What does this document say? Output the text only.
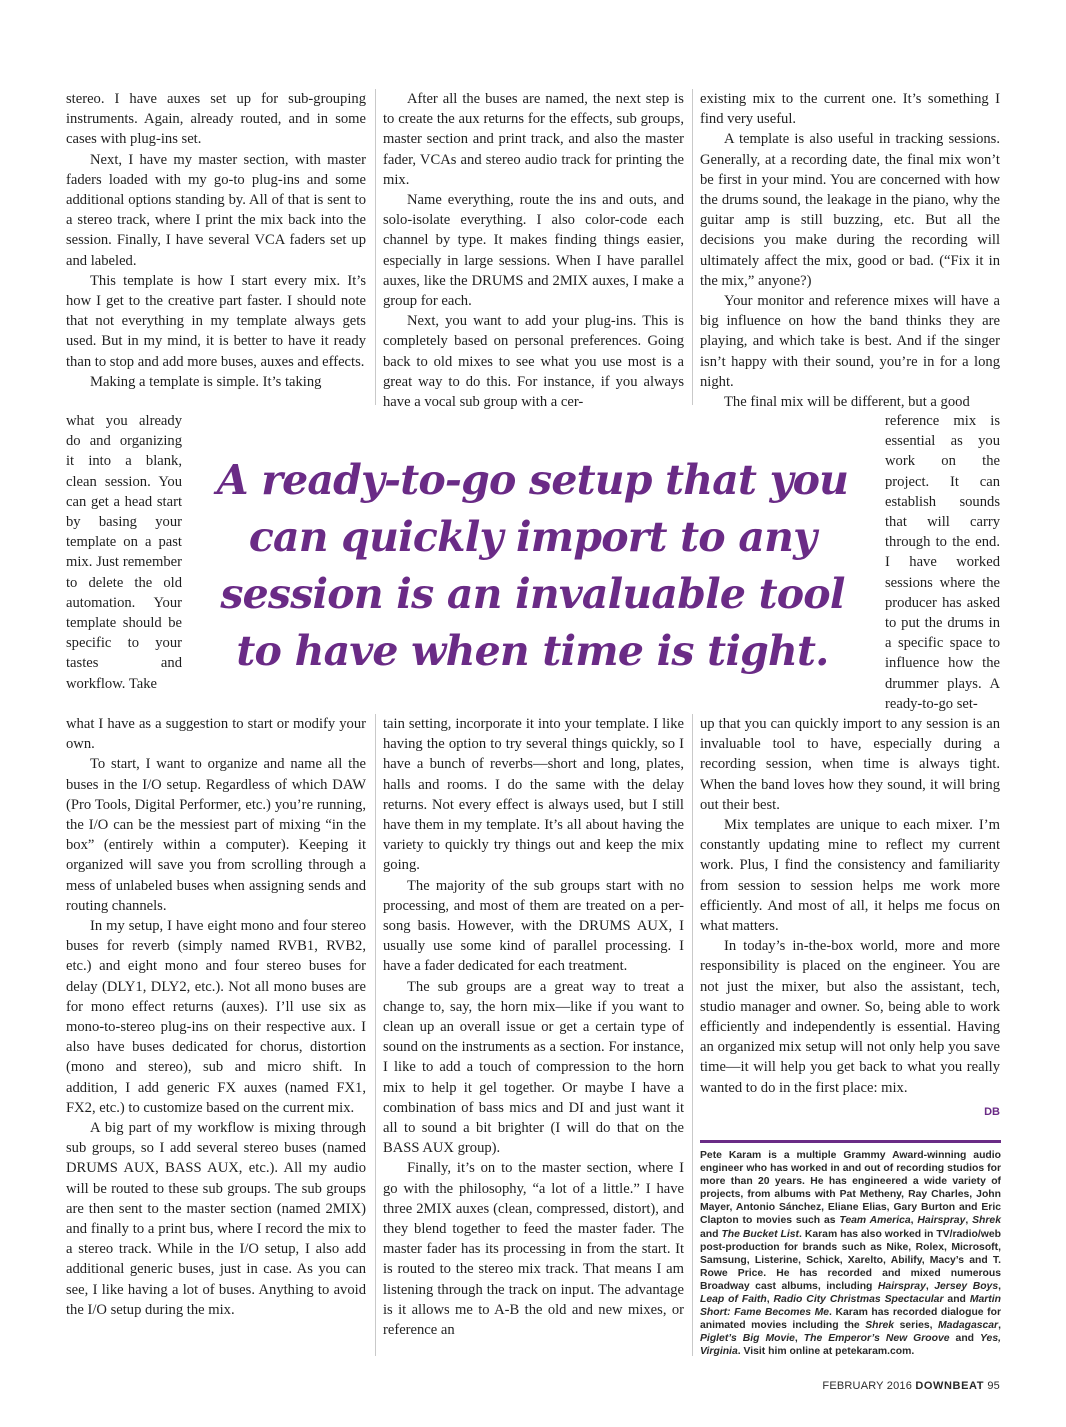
stereo. I have auxes set up for sub-grouping instruments. Again, already routed, and in some cases with plug-ins set.

Next, I have my master section, with master faders loaded with my go-to plug-ins and some additional options standing by. All of that is sent to a stereo track, where I print the mix back into the session. Finally, I have several VCA faders set up and labeled.

This template is how I start every mix. It’s how I get to the creative part faster. I should note that not everything in my template always gets used. But in my mind, it is better to have it ready than to stop and add more buses, auxes and effects.

Making a template is simple. It’s taking

After all the buses are named, the next step is to create the aux returns for the effects, sub groups, master section and print track, and also the master fader, VCAs and stereo audio track for printing the mix.

Name everything, route the ins and outs, and solo-isolate everything. I also color-code each channel by type. It makes finding things easier, especially in large sessions. When I have parallel auxes, like the DRUMS and 2MIX auxes, I make a group for each.

Next, you want to add your plug-ins. This is completely based on personal preferences. Going back to old mixes to see what you use most is a great way to do this. For instance, if you always have a vocal sub group with a cer-

existing mix to the current one. It’s something I find very useful.

A template is also useful in tracking sessions. Generally, at a recording date, the final mix won’t be first in your mind. You are concerned with how the drums sound, the leakage in the piano, why the guitar amp is still buzzing, etc. But all the decisions you make during the recording will ultimately affect the mix, good or bad. (“Fix it in the mix,” anyone?)

Your monitor and reference mixes will have a big influence on how the band thinks they are playing, and which take is best. And if the singer isn’t happy with their sound, you’re in for a long night.

The final mix will be different, but a good

what you already do and organizing it into a blank, clean session. You can get a head start by basing your template on a past mix. Just remember to delete the old automation. Your template should be specific to your tastes and workflow. Take

reference mix is essential as you work on the project. It can establish sounds that will carry through to the end. I have worked sessions where the producer has asked to put the drums in a specific space to influence how the drummer plays. A ready-to-go set-

A ready-to-go setup that you
can quickly import to any
session is an invaluable tool
to have when time is tight.

what I have as a suggestion to start or modify your own.

To start, I want to organize and name all the buses in the I/O setup. Regardless of which DAW (Pro Tools, Digital Performer, etc.) you’re running, the I/O can be the messiest part of mixing “in the box” (entirely within a computer). Keeping it organized will save you from scrolling through a mess of unlabeled buses when assigning sends and routing channels.

In my setup, I have eight mono and four stereo buses for reverb (simply named RVB1, RVB2, etc.) and eight mono and four stereo buses for delay (DLY1, DLY2, etc.). Not all mono buses are for mono effect returns (auxes). I’ll use six as mono-to-stereo plug-ins on their respective aux. I also have buses dedicated for chorus, distortion (mono and stereo), sub and micro shift. In addition, I add generic FX auxes (named FX1, FX2, etc.) to customize based on the current mix.

A big part of my workflow is mixing through sub groups, so I add several stereo buses (named DRUMS AUX, BASS AUX, etc.). All my audio will be routed to these sub groups. The sub groups are then sent to the master section (named 2MIX) and finally to a print bus, where I record the mix to a stereo track. While in the I/O setup, I also add additional generic buses, just in case. As you can see, I like having a lot of buses. Anything to avoid the I/O setup during the mix.

tain setting, incorporate it into your template. I like having the option to try several things quickly, so I have a bunch of reverbs—short and long, plates, halls and rooms. I do the same with the delay returns. Not every effect is always used, but I still have them in my template. It’s all about having the variety to quickly try things out and keep the mix going.

The majority of the sub groups start with no processing, and most of them are treated on a per-song basis. However, with the DRUMS AUX, I usually use some kind of parallel processing. I have a fader dedicated for each treatment.

The sub groups are a great way to treat a change to, say, the horn mix—like if you want to clean up an overall issue or get a certain type of sound on the instruments as a section. For instance, I like to add a touch of compression to the horn mix to help it gel together. Or maybe I have a combination of bass mics and DI and just want it all to sound a bit brighter (I will do that on the BASS AUX group).

Finally, it’s on to the master section, where I go with the philosophy, “a lot of a little.” I have three 2MIX auxes (clean, compressed, distort), and they blend together to feed the master fader. The master fader has its processing in from the start. It is routed to the stereo mix track. That means I am listening through the track on input. The advantage is it allows me to A-B the old and new mixes, or reference an

up that you can quickly import to any session is an invaluable tool to have, especially during a recording session, when time is always tight. When the band loves how they sound, it will bring out their best.

Mix templates are unique to each mixer. I’m constantly updating mine to reflect my current work. Plus, I find the consistency and familiarity from session to session helps me work more efficiently. And most of all, it helps me focus on what matters.

In today’s in-the-box world, more and more responsibility is placed on the engineer. You are not just the mixer, but also the assistant, tech, studio manager and owner. So, being able to work efficiently and independently is essential. Having an organized mix setup will not only help you save time—it will help you get back to what you really wanted to do in the first place: mix.

DB
Pete Karam is a multiple Grammy Award-winning audio engineer who has worked in and out of recording studios for more than 20 years. He has engineered a wide variety of projects, from albums with Pat Metheny, Ray Charles, John Mayer, Antonio Sánchez, Eliane Elias, Gary Burton and Eric Clapton to movies such as Team America, Hairspray, Shrek and The Bucket List. Karam has also worked in TV/radio/web post-production for brands such as Nike, Rolex, Microsoft, Samsung, Listerine, Schick, Xarelto, Abilify, Macy’s and T. Rowe Price. He has recorded and mixed numerous Broadway cast albums, including Hairspray, Jersey Boys, Leap of Faith, Radio City Christmas Spectacular and Martin Short: Fame Becomes Me. Karam has recorded dialogue for animated movies including the Shrek series, Madagascar, Piglet’s Big Movie, The Emperor’s New Groove and Yes, Virginia. Visit him online at petekaram.com.
FEBRUARY 2016 DOWNBEAT 95
